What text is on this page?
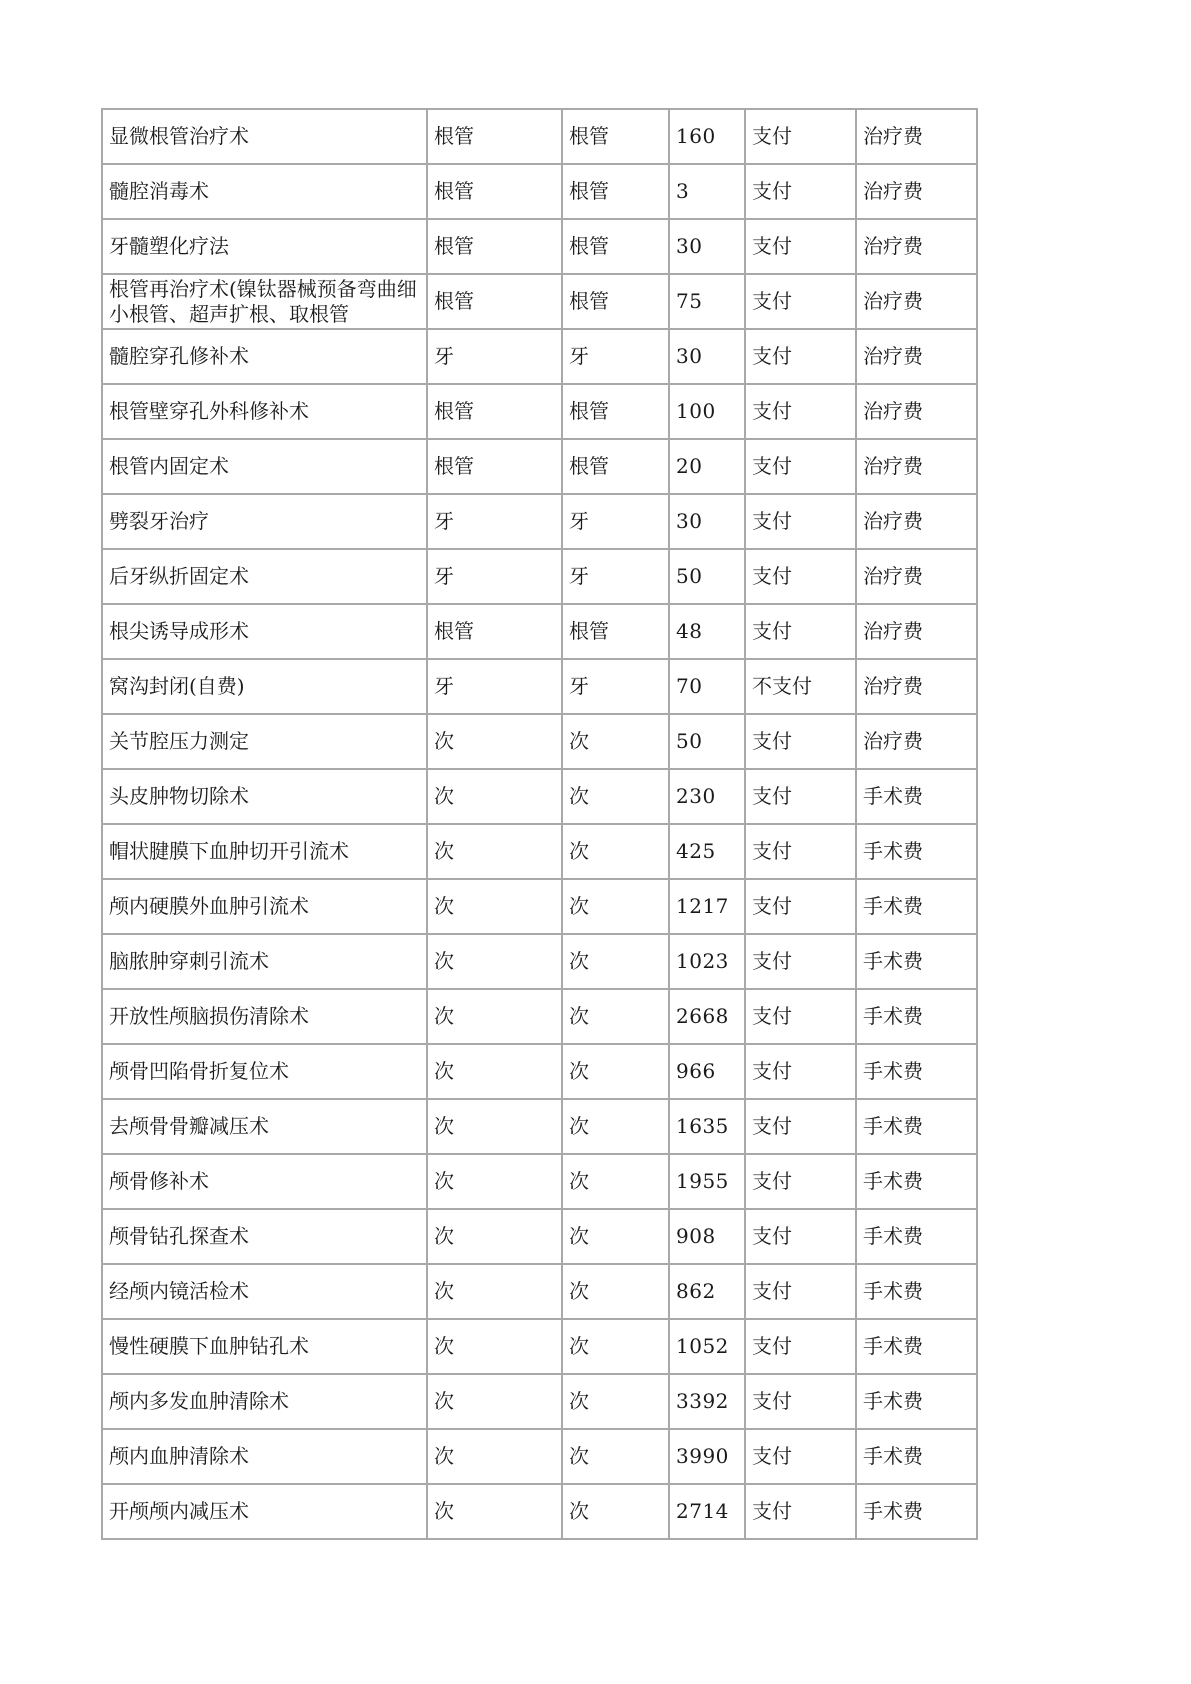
显微根管治疗术	根管	根管	160	支付	治疗费
髓腔消毒术	根管	根管	3	支付	治疗费
牙髓塑化疗法	根管	根管	30	支付	治疗费
根管再治疗术(镍钛器械预备弯曲细小根管、超声扩根、取根管	根管	根管	75	支付	治疗费
髓腔穿孔修补术	牙	牙	30	支付	治疗费
根管壁穿孔外科修补术	根管	根管	100	支付	治疗费
根管内固定术	根管	根管	20	支付	治疗费
劈裂牙治疗	牙	牙	30	支付	治疗费
后牙纵折固定术	牙	牙	50	支付	治疗费
根尖诱导成形术	根管	根管	48	支付	治疗费
窝沟封闭(自费)	牙	牙	70	不支付	治疗费
关节腔压力测定	次	次	50	支付	治疗费
头皮肿物切除术	次	次	230	支付	手术费
帽状腱膜下血肿切开引流术	次	次	425	支付	手术费
颅内硬膜外血肿引流术	次	次	1217	支付	手术费
脑脓肿穿刺引流术	次	次	1023	支付	手术费
开放性颅脑损伤清除术	次	次	2668	支付	手术费
颅骨凹陷骨折复位术	次	次	966	支付	手术费
去颅骨骨瓣减压术	次	次	1635	支付	手术费
颅骨修补术	次	次	1955	支付	手术费
颅骨钻孔探查术	次	次	908	支付	手术费
经颅内镜活检术	次	次	862	支付	手术费
慢性硬膜下血肿钻孔术	次	次	1052	支付	手术费
颅内多发血肿清除术	次	次	3392	支付	手术费
颅内血肿清除术	次	次	3990	支付	手术费
开颅颅内减压术	次	次	2714	支付	手术费
